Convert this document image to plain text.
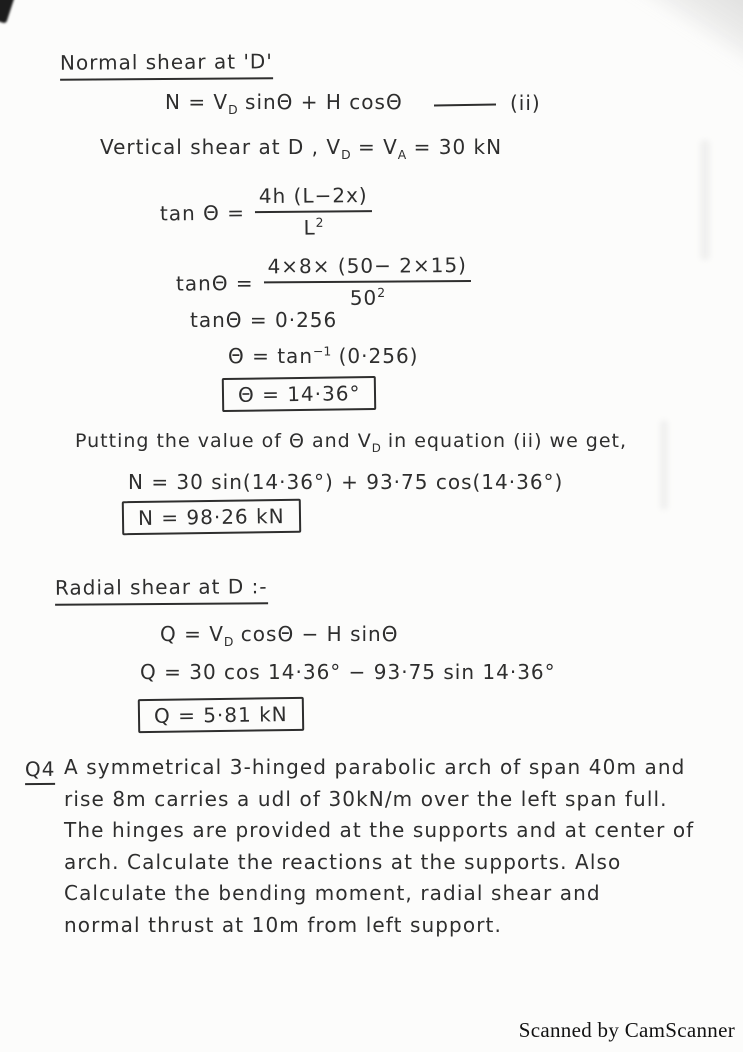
Normal shear at 'D'
$N = V_D$ sinΘ + H cosΘ	(ii)
Vertical shear at D , $V_D = V_A = 30$ kN
$\tan \Theta = \frac{4h (L-2x)}{L^2}$
$\tan\Theta = \frac{4\times 8\times (50- 2\times 15)}{50^2}$
tanΘ = 0·256
$\Theta = \tan^{-1} (0\cdot 256)$
Θ = 14·36°
Putting the value of Θ and $V_D$ in equation (ii) we get,
N = 30 sin(14·36°) + 93·75 cos(14·36°)
N = 98·26 kN
Radial shear at D :-
$Q = V_D$ cosΘ − H sinΘ
Q = 30 cos 14·36° − 93·75 sin 14·36°
Q = 5·81 kN
Q4 A symmetrical 3-hinged parabolic arch of span 40m and
rise 8m carries a udl of 30kN/m over the left span full.
The hinges are provided at the supports and at center of
arch. Calculate the reactions at the supports. Also
Calculate the bending moment, radial shear and
normal thrust at 10m from left support.
Scanned by CamScanner
